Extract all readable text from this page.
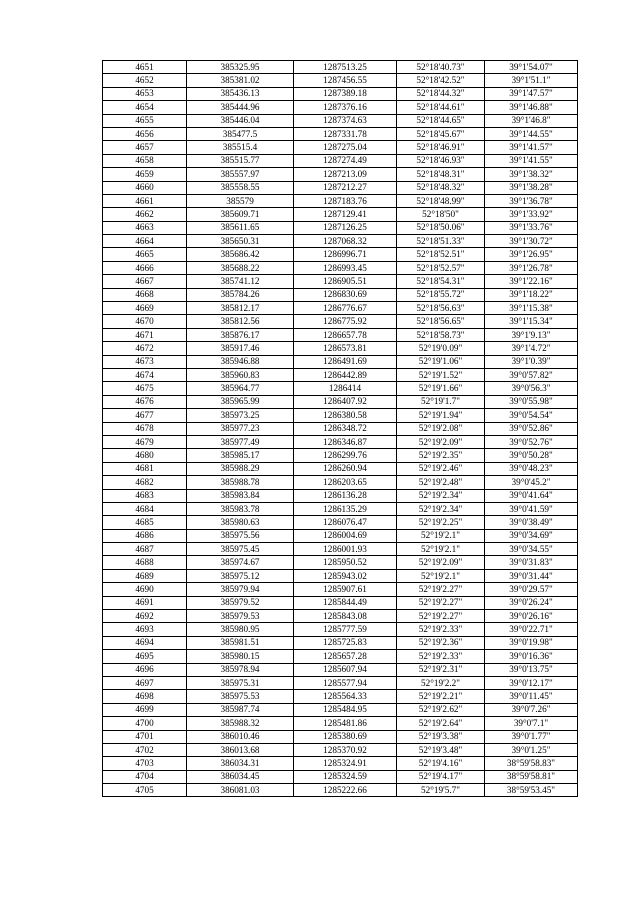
4651	385325.95	1287513.25	52°18'40.73"	39°1'54.07"
4652	385381.02	1287456.55	52°18'42.52"	39°1'51.1"
4653	385436.13	1287389.18	52°18'44.32"	39°1'47.57"
4654	385444.96	1287376.16	52°18'44.61"	39°1'46.88"
4655	385446.04	1287374.63	52°18'44.65"	39°1'46.8"
4656	385477.5	1287331.78	52°18'45.67"	39°1'44.55"
4657	385515.4	1287275.04	52°18'46.91"	39°1'41.57"
4658	385515.77	1287274.49	52°18'46.93"	39°1'41.55"
4659	385557.97	1287213.09	52°18'48.31"	39°1'38.32"
4660	385558.55	1287212.27	52°18'48.32"	39°1'38.28"
4661	385579	1287183.76	52°18'48.99"	39°1'36.78"
4662	385609.71	1287129.41	52°18'50"	39°1'33.92"
4663	385611.65	1287126.25	52°18'50.06"	39°1'33.76"
4664	385650.31	1287068.32	52°18'51.33"	39°1'30.72"
4665	385686.42	1286996.71	52°18'52.51"	39°1'26.95"
4666	385688.22	1286993.45	52°18'52.57"	39°1'26.78"
4667	385741.12	1286905.51	52°18'54.31"	39°1'22.16"
4668	385784.26	1286830.69	52°18'55.72"	39°1'18.22"
4669	385812.17	1286776.67	52°18'56.63"	39°1'15.38"
4670	385812.56	1286775.92	52°18'56.65"	39°1'15.34"
4671	385876.17	1286657.78	52°18'58.73"	39°1'9.13"
4672	385917.46	1286573.81	52°19'0.09"	39°1'4.72"
4673	385946.88	1286491.69	52°19'1.06"	39°1'0.39"
4674	385960.83	1286442.89	52°19'1.52"	39°0'57.82"
4675	385964.77	1286414	52°19'1.66"	39°0'56.3"
4676	385965.99	1286407.92	52°19'1.7"	39°0'55.98"
4677	385973.25	1286380.58	52°19'1.94"	39°0'54.54"
4678	385977.23	1286348.72	52°19'2.08"	39°0'52.86"
4679	385977.49	1286346.87	52°19'2.09"	39°0'52.76"
4680	385985.17	1286299.76	52°19'2.35"	39°0'50.28"
4681	385988.29	1286260.94	52°19'2.46"	39°0'48.23"
4682	385988.78	1286203.65	52°19'2.48"	39°0'45.2"
4683	385983.84	1286136.28	52°19'2.34"	39°0'41.64"
4684	385983.78	1286135.29	52°19'2.34"	39°0'41.59"
4685	385980.63	1286076.47	52°19'2.25"	39°0'38.49"
4686	385975.56	1286004.69	52°19'2.1"	39°0'34.69"
4687	385975.45	1286001.93	52°19'2.1"	39°0'34.55"
4688	385974.67	1285950.52	52°19'2.09"	39°0'31.83"
4689	385975.12	1285943.02	52°19'2.1"	39°0'31.44"
4690	385979.94	1285907.61	52°19'2.27"	39°0'29.57"
4691	385979.52	1285844.49	52°19'2.27"	39°0'26.24"
4692	385979.53	1285843.08	52°19'2.27"	39°0'26.16"
4693	385980.95	1285777.59	52°19'2.33"	39°0'22.71"
4694	385981.51	1285725.83	52°19'2.36"	39°0'19.98"
4695	385980.15	1285657.28	52°19'2.33"	39°0'16.36"
4696	385978.94	1285607.94	52°19'2.31"	39°0'13.75"
4697	385975.31	1285577.94	52°19'2.2"	39°0'12.17"
4698	385975.53	1285564.33	52°19'2.21"	39°0'11.45"
4699	385987.74	1285484.95	52°19'2.62"	39°0'7.26"
4700	385988.32	1285481.86	52°19'2.64"	39°0'7.1"
4701	386010.46	1285380.69	52°19'3.38"	39°0'1.77"
4702	386013.68	1285370.92	52°19'3.48"	39°0'1.25"
4703	386034.31	1285324.91	52°19'4.16"	38°59'58.83"
4704	386034.45	1285324.59	52°19'4.17"	38°59'58.81"
4705	386081.03	1285222.66	52°19'5.7"	38°59'53.45"
